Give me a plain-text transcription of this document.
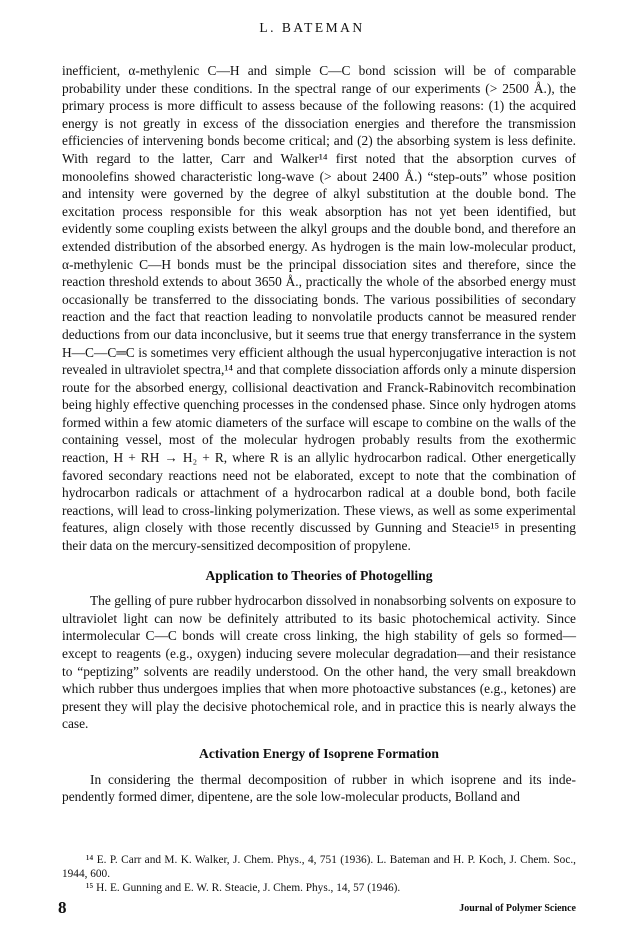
L. BATEMAN

inefficient, α-methylenic C—H and simple C—C bond scission will be of comparable probability under these conditions. In the spectral range of our experiments (> 2500 Å.), the primary process is more difficult to assess because of the following reasons: (1) the acquired energy is not greatly in excess of the dissociation energies and therefore the transmission efficiencies of intervening bonds become critical; and (2) the absorbing system is less definite. With regard to the latter, Carr and Walker¹⁴ first noted that the absorption curves of monoolefins showed characteristic long-wave (> about 2400 Å.) “step-outs” whose position and intensity were governed by the degree of alkyl substitution at the double bond. The excitation process responsible for this weak absorption has not yet been identified, but evidently some coupling exists between the alkyl groups and the double bond, and therefore an extended distribution of the absorbed energy. As hydrogen is the main low-molecular product, α-methylenic C—H bonds must be the principal dissociation sites and therefore, since the reaction threshold extends to about 3650 Å., practically the whole of the absorbed energy must occasionally be transferred to the dissociating bonds. The various possibilities of secondary reaction and the fact that reaction leading to nonvolatile products cannot be measured render deductions from our data inconclusive, but it seems true that energy transferrance in the system H—C—C═C is sometimes very efficient although the usual hyperconjugative interaction is not revealed in ultraviolet spectra,¹⁴ and that complete dissociation affords only a minute dispersion route for the absorbed energy, collisional deactivation and Franck-Rabinovitch recombination being highly effective quenching processes in the condensed phase. Since only hydrogen atoms formed within a few atomic diameters of the surface will escape to combine on the walls of the containing vessel, most of the molecular hydrogen probably results from the exothermic reaction, H + RH → H₂ + R, where R is an allylic hydrocarbon radical. Other energetically favored secondary reactions need not be elaborated, except to note that the combination of hydrocarbon radicals or attachment of a hydrocarbon radical at a double bond, both facile reactions, will lead to cross-linking polymerization. These views, as well as some experimental features, align closely with those recently discussed by Gunning and Steacie¹⁵ in presenting their data on the mercury-sensitized decomposition of propylene.

Application to Theories of Photogelling

The gelling of pure rubber hydrocarbon dissolved in nonabsorbing solvents on exposure to ultraviolet light can now be definitely attributed to its basic photochemical activity. Since intermolecular C—C bonds will create cross linking, the high stability of gels so formed—except to reagents (e.g., oxygen) inducing severe molecular degradation—and their resistance to “peptizing” solvents are readily understood. On the other hand, the very small breakdown which rubber thus undergoes implies that when more photoactive substances (e.g., ketones) are present they will play the decisive photochemical role, and in practice this is nearly always the case.

Activation Energy of Isoprene Formation

In considering the thermal decomposition of rubber in which isoprene and its independently formed dimer, dipentene, are the sole low-molecular products, Bolland and

¹⁴ E. P. Carr and M. K. Walker, J. Chem. Phys., 4, 751 (1936). L. Bateman and H. P. Koch, J. Chem. Soc., 1944, 600.

¹⁵ H. E. Gunning and E. W. R. Steacie, J. Chem. Phys., 14, 57 (1946).

8	Journal of Polymer Science
